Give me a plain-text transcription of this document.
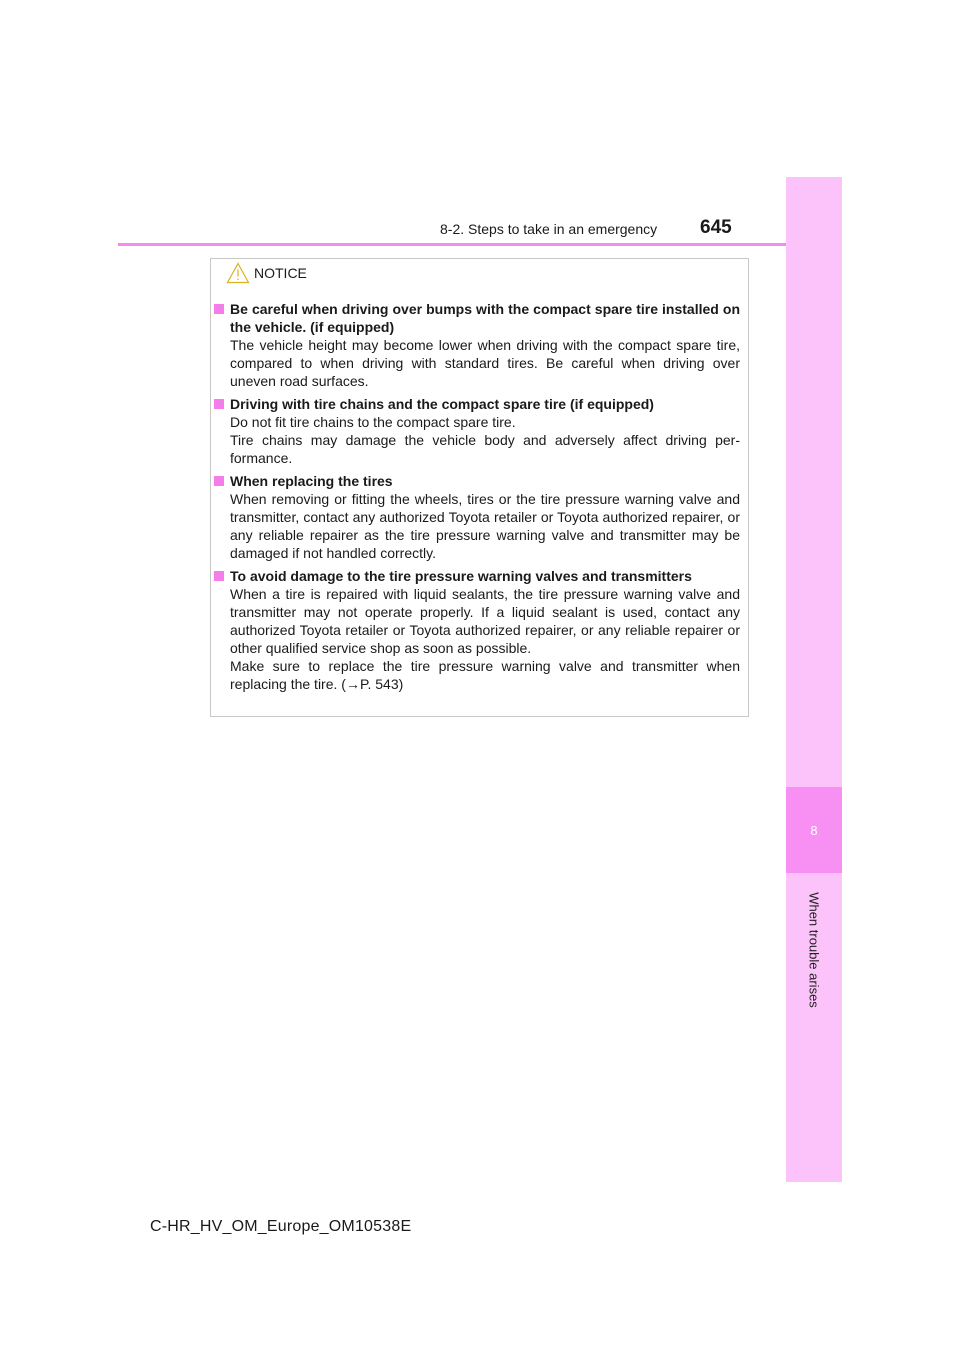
8-2. Steps to take in an emergency	645
8
When trouble arises
NOTICE
Be careful when driving over bumps with the compact spare tire installed on the vehicle. (if equipped)

The vehicle height may become lower when driving with the compact spare tire, compared to when driving with standard tires. Be careful when driving over uneven road surfaces.

Driving with tire chains and the compact spare tire (if equipped)

Do not fit tire chains to the compact spare tire.

Tire chains may damage the vehicle body and adversely affect driving per-formance.

When replacing the tires

When removing or fitting the wheels, tires or the tire pressure warning valve and transmitter, contact any authorized Toyota retailer or Toyota authorized repairer, or any reliable repairer as the tire pressure warning valve and transmitter may be damaged if not handled correctly.

To avoid damage to the tire pressure warning valves and transmitters

When a tire is repaired with liquid sealants, the tire pressure warning valve and transmitter may not operate properly. If a liquid sealant is used, contact any authorized Toyota retailer or Toyota authorized repairer, or any reliable repairer or other qualified service shop as soon as possible.

Make sure to replace the tire pressure warning valve and transmitter when replacing the tire. (→P. 543)

C-HR_HV_OM_Europe_OM10538E
